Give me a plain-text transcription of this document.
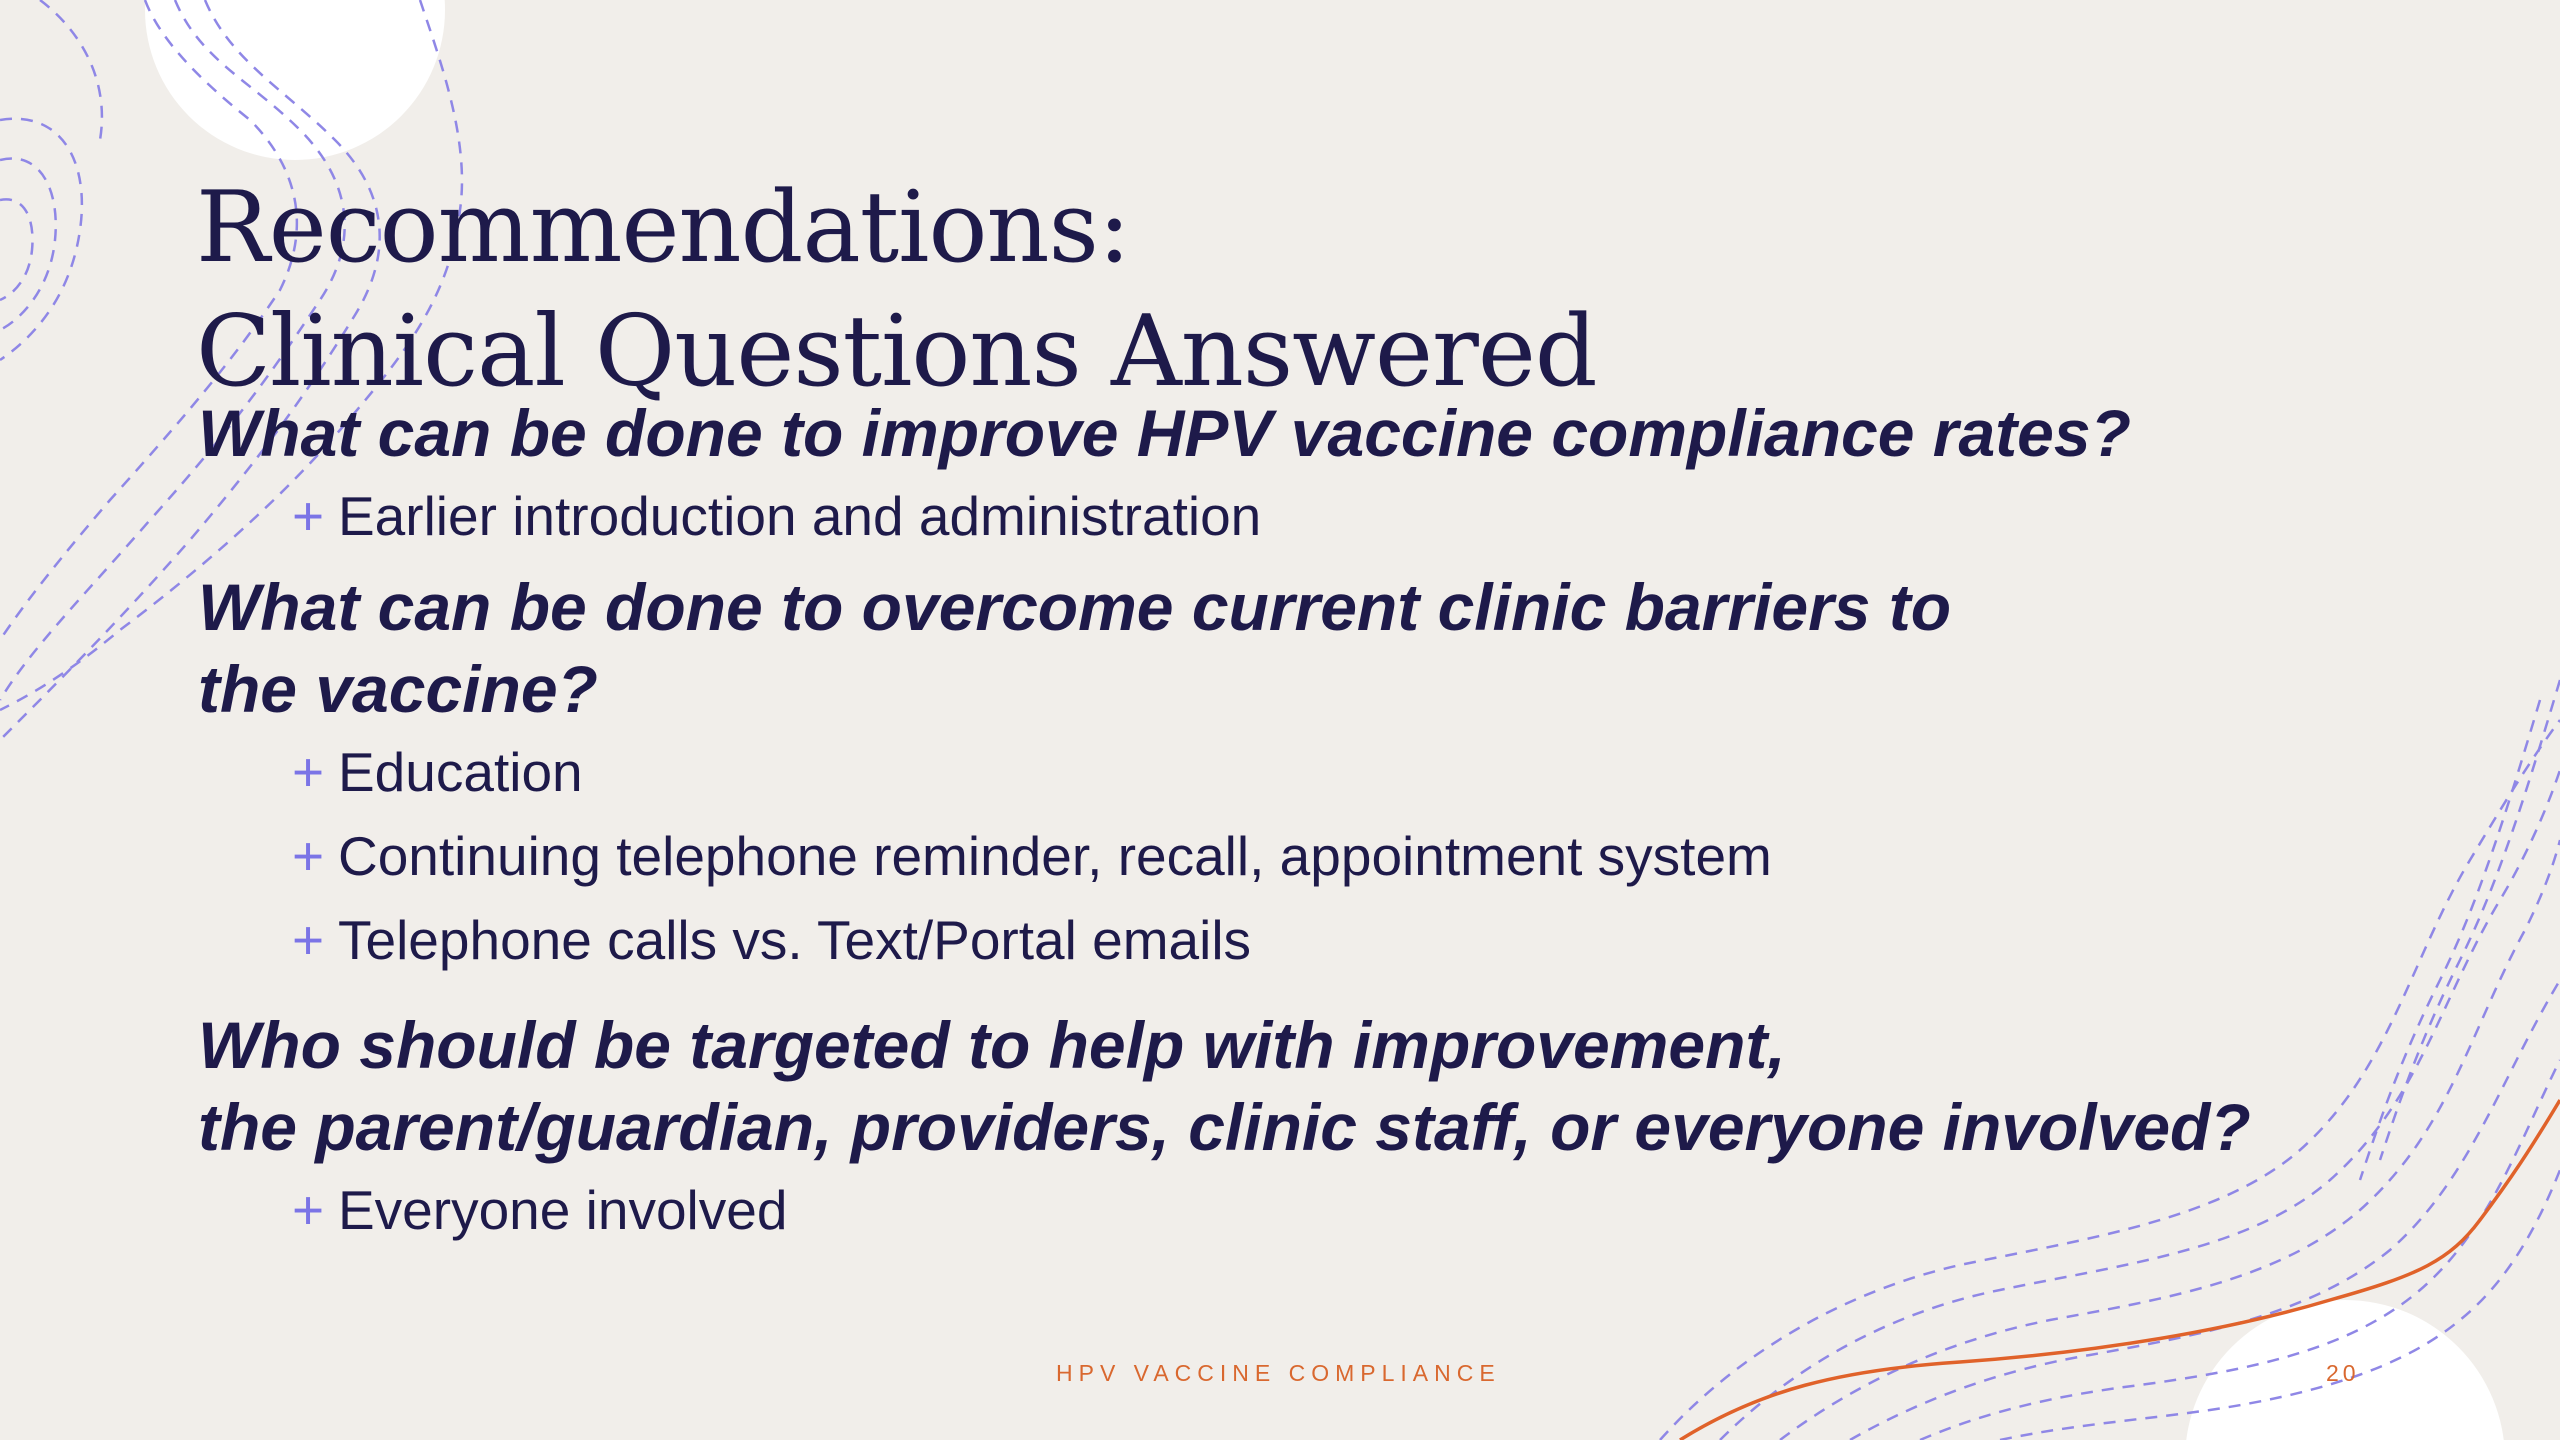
Recommendations:
Clinical Questions Answered

What can be done to improve HPV vaccine compliance rates?

+ Earlier introduction and administration

What can be done to overcome current clinic barriers to
the vaccine?

+ Education
+ Continuing telephone reminder, recall, appointment system
+ Telephone calls vs. Text/Portal emails

Who should be targeted to help with improvement,
the parent/guardian, providers, clinic staff, or everyone involved?

+ Everyone involved
HPV VACCINE COMPLIANCE	20
